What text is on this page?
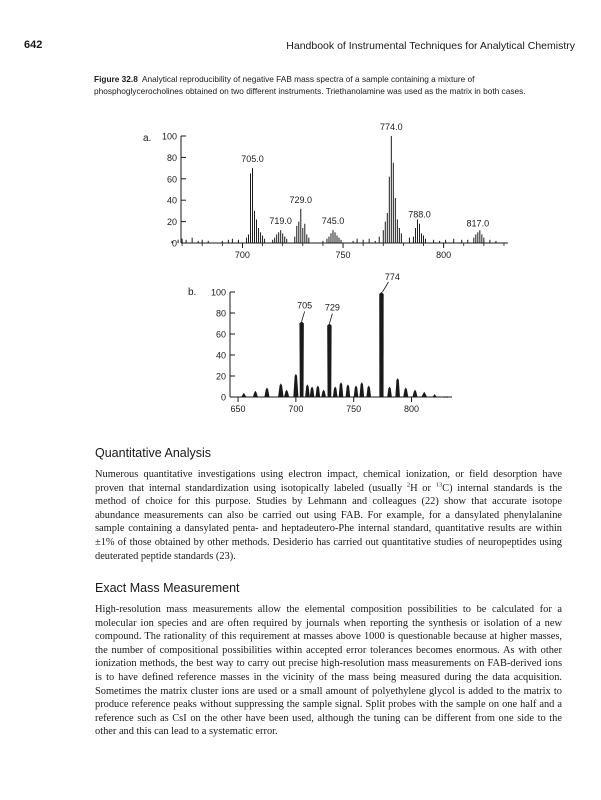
642	Handbook of Instrumental Techniques for Analytical Chemistry
Figure 32.8 Analytical reproducibility of negative FAB mass spectra of a sample containing a mixture of phosphoglycerocholines obtained on two different instruments. Triethanolamine was used as the matrix in both cases.
a.
0
20
40
60
80
100
700	750	800
705.0
719.0
729.0
745.0
774.0
788.0
817.0
b.
0
20
40
60
80
100
650	700	750	800
705 729
774
Quantitative Analysis
Numerous quantitative investigations using electron impact, chemical ionization, or field desorption have proven that internal standardization using isotopically labeled (usually $^2$H or $^{13}$C) internal standards is the method of choice for this purpose. Studies by Lehmann and colleagues (22) show that accurate isotope abundance measurements can also be carried out using FAB. For example, for a dansylated phenylalanine sample containing a dansylated penta- and heptadeutero-Phe internal standard, quantitative results are within ±1% of those obtained by other methods. Desiderio has carried out quantitative studies of neuropeptides using deuterated peptide standards (23).
Exact Mass Measurement
High-resolution mass measurements allow the elemental composition possibilities to be calculated for a molecular ion species and are often required by journals when reporting the synthesis or isolation of a new compound. The rationality of this requirement at masses above 1000 is questionable because at higher masses, the number of compositional possibilities within accepted error tolerances becomes enormous. As with other ionization methods, the best way to carry out precise high-resolution mass measurements on FAB-derived ions is to have defined reference masses in the vicinity of the mass being measured during the data acquisition. Sometimes the matrix cluster ions are used or a small amount of polyethylene glycol is added to the matrix to produce reference peaks without suppressing the sample signal. Split probes with the sample on one half and a reference such as CsI on the other have been used, although the tuning can be different from one side to the other and this can lead to a systematic error.
